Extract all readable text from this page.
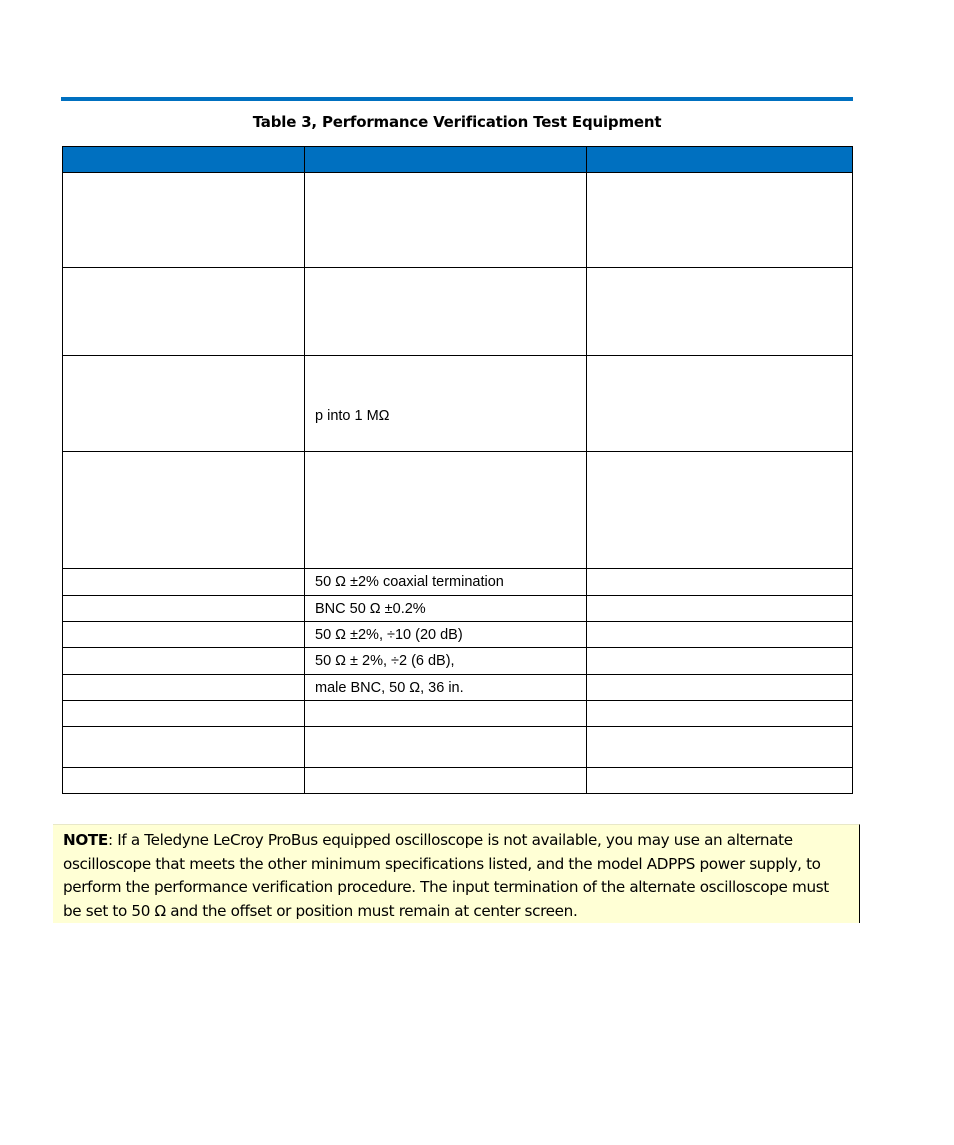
Table 3, Performance Verification Test Equipment

	p into 1 MΩ	

	50 Ω ±2% coaxial termination	
	BNC 50 Ω ±0.2%	
	50 Ω ±2%, ÷10 (20 dB)	
	50 Ω ± 2%, ÷2 (6 dB),	
	male BNC, 50 Ω, 36 in.	

NOTE: If a Teledyne LeCroy ProBus equipped oscilloscope is not available, you may use an alternate oscilloscope that meets the other minimum specifications listed, and the model ADPPS power supply, to perform the performance verification procedure. The input termination of the alternate oscilloscope must be set to 50 Ω and the offset or position must remain at center screen.
